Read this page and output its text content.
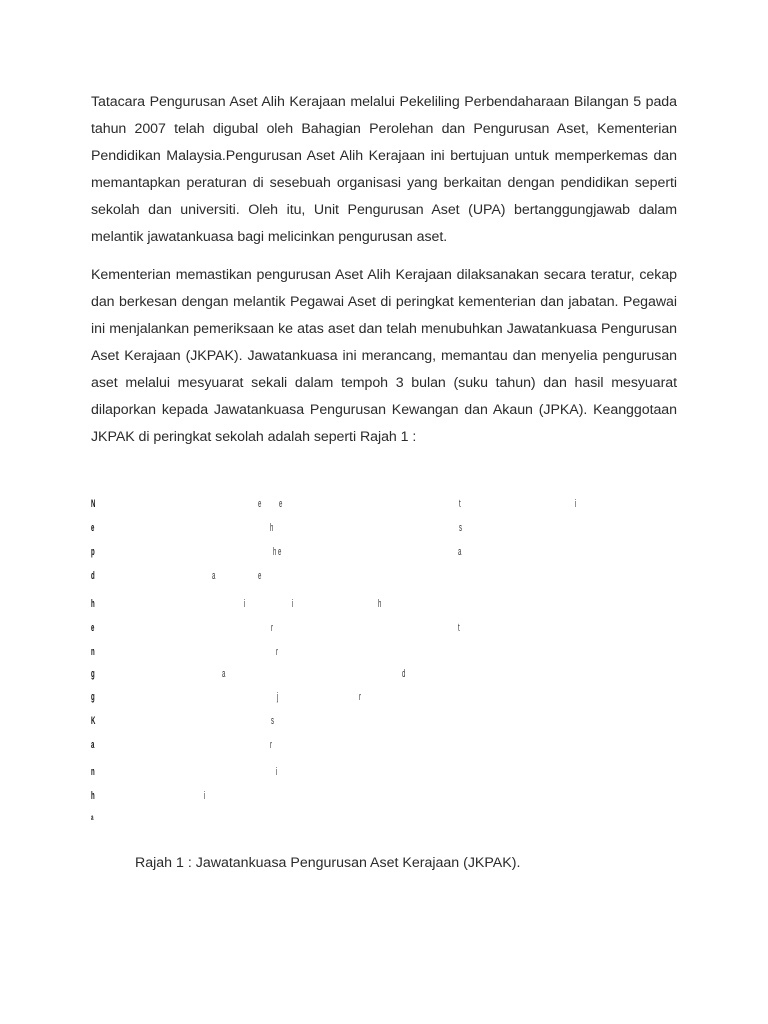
Tatacara Pengurusan Aset Alih Kerajaan melalui Pekeliling Perbendaharaan Bilangan 5 pada tahun 2007 telah digubal oleh Bahagian Perolehan dan Pengurusan Aset, Kementerian Pendidikan Malaysia.Pengurusan Aset Alih Kerajaan ini bertujuan untuk memperkemas dan memantapkan peraturan di sesebuah organisasi yang berkaitan dengan pendidikan seperti sekolah dan universiti. Oleh itu, Unit Pengurusan Aset (UPA) bertanggungjawab dalam melantik jawatankuasa bagi melicinkan pengurusan aset.

Kementerian memastikan pengurusan Aset Alih Kerajaan dilaksanakan secara teratur, cekap dan berkesan dengan melantik Pegawai Aset di peringkat kementerian dan jabatan. Pegawai ini menjalankan pemeriksaan ke atas aset dan telah menubuhkan Jawatankuasa Pengurusan Aset Kerajaan (JKPAK). Jawatankuasa ini merancang, memantau dan menyelia pengurusan aset melalui mesyuarat sekali dalam tempoh 3 bulan (suku tahun) dan hasil mesyuarat dilaporkan kepada Jawatankuasa Pengurusan Kewangan dan Akaun (JPKA). Keanggotaan JKPAK di peringkat sekolah adalah seperti Rajah 1 :

N	e e	t	i
e	h	s
p	h e	a
d	a	e
h	i	i	h
e	r	t
n	r
g	a	d
g	j	r
K	s
a	r
n	i
h	i
a
Rajah 1 : Jawatankuasa Pengurusan Aset Kerajaan (JKPAK).
